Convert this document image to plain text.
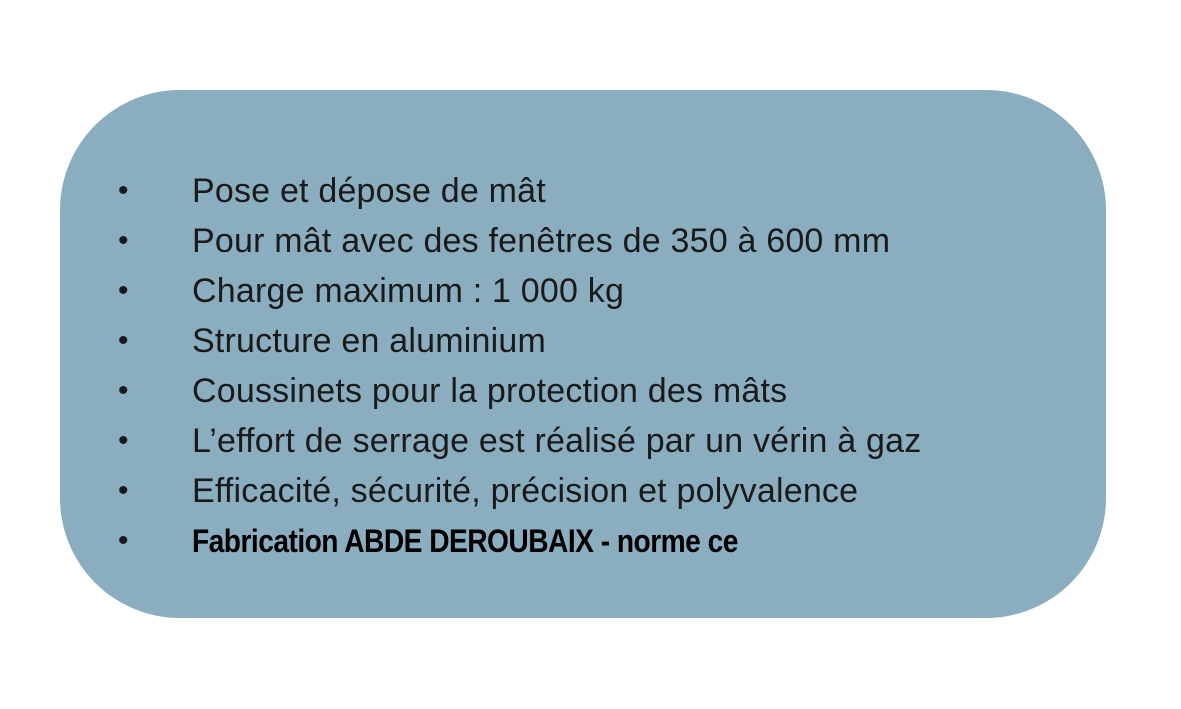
•	Pose et dépose de mât
•	Pour mât avec des fenêtres de 350 à 600 mm
•	Charge maximum : 1 000 kg
•	Structure en aluminium
•	Coussinets pour la protection des mâts
•	L’effort de serrage est réalisé par un vérin à gaz
•	Efficacité, sécurité, précision et polyvalence
•	Fabrication ABDE DEROUBAIX - norme ce
